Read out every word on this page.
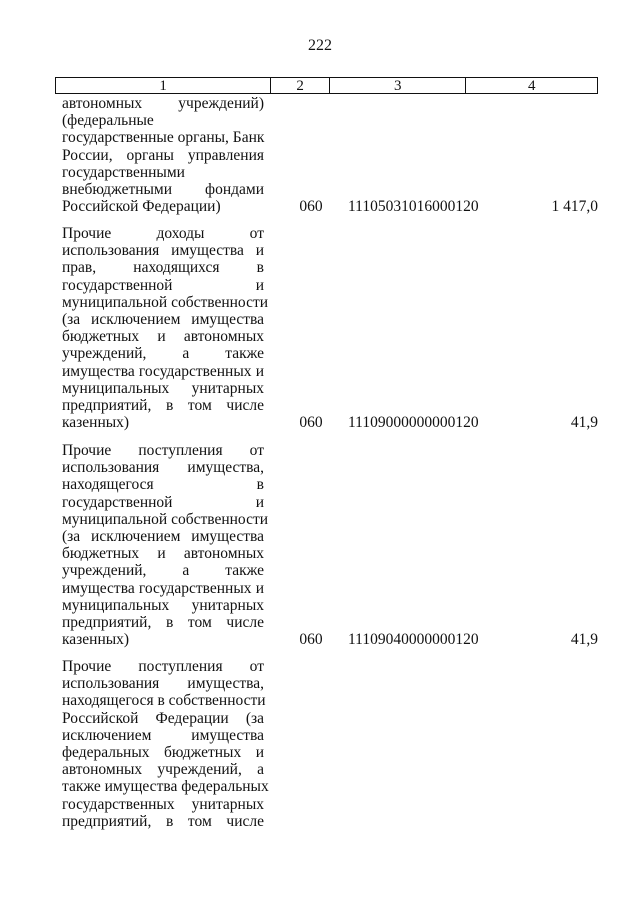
222
1	2	3	4
автономных учреждений)
(федеральные
государственные органы, Банк
России, органы управления
государственными
внебюджетными фондами
Российской Федерации)	060	11105031016000120	1 417,0
Прочие доходы от
использования имущества и
прав, находящихся в
государственной и
муниципальной собственности
(за исключением имущества
бюджетных и автономных
учреждений, а также
имущества государственных и
муниципальных унитарных
предприятий, в том числе
казенных)	060	11109000000000120	41,9
Прочие поступления от
использования имущества,
находящегося в
государственной и
муниципальной собственности
(за исключением имущества
бюджетных и автономных
учреждений, а также
имущества государственных и
муниципальных унитарных
предприятий, в том числе
казенных)	060	11109040000000120	41,9
Прочие поступления от
использования имущества,
находящегося в собственности
Российской Федерации (за
исключением имущества
федеральных бюджетных и
автономных учреждений, а
также имущества федеральных
государственных унитарных
предприятий, в том числе
